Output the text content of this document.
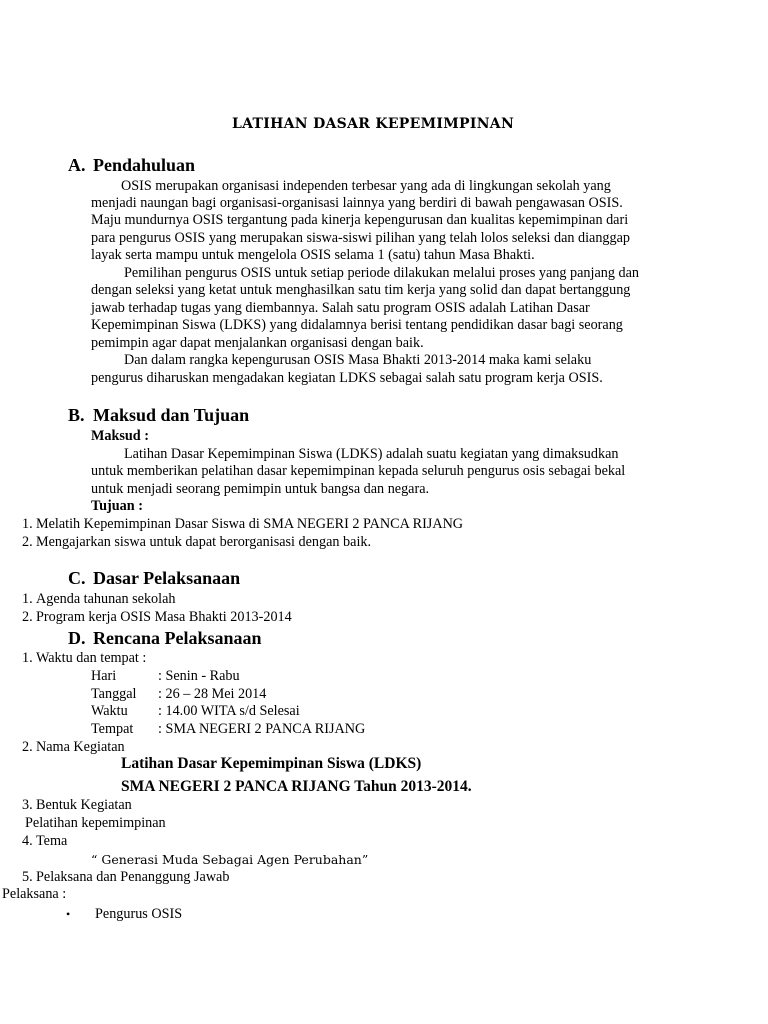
LATIHAN DASAR KEPEMIMPINAN
A. Pendahuluan
OSIS merupakan organisasi independen terbesar yang ada di lingkungan sekolah yang
menjadi naungan bagi organisasi-organisasi lainnya yang berdiri di bawah pengawasan OSIS.
Maju mundurnya OSIS tergantung pada kinerja kepengurusan dan kualitas kepemimpinan dari
para pengurus OSIS yang merupakan siswa-siswi pilihan yang telah lolos seleksi dan dianggap
layak serta mampu untuk mengelola OSIS selama 1 (satu) tahun Masa Bhakti.
Pemilihan pengurus OSIS untuk setiap periode dilakukan melalui proses yang panjang dan
dengan seleksi yang ketat untuk menghasilkan satu tim kerja yang solid dan dapat bertanggung
jawab terhadap tugas yang diembannya. Salah satu program OSIS adalah Latihan Dasar
Kepemimpinan Siswa (LDKS) yang didalamnya berisi tentang pendidikan dasar bagi seorang
pemimpin agar dapat menjalankan organisasi dengan baik.
Dan dalam rangka kepengurusan OSIS Masa Bhakti 2013-2014 maka kami selaku
pengurus diharuskan mengadakan kegiatan LDKS sebagai salah satu program kerja OSIS.
B. Maksud dan Tujuan
Maksud :
Latihan Dasar Kepemimpinan Siswa (LDKS) adalah suatu kegiatan yang dimaksudkan
untuk memberikan pelatihan dasar kepemimpinan kepada seluruh pengurus osis sebagai bekal
untuk menjadi seorang pemimpin untuk bangsa dan negara.
Tujuan :
1. Melatih Kepemimpinan Dasar Siswa di SMA NEGERI 2 PANCA RIJANG
2. Mengajarkan siswa untuk dapat berorganisasi dengan baik.
C. Dasar Pelaksanaan
1. Agenda tahunan sekolah
2. Program kerja OSIS Masa Bhakti 2013-2014
D. Rencana Pelaksanaan
1. Waktu dan tempat :
Hari	: Senin - Rabu
Tanggal : 26 – 28 Mei 2014
Waktu : 14.00 WITA s/d Selesai
Tempat : SMA NEGERI 2 PANCA RIJANG
2. Nama Kegiatan
Latihan Dasar Kepemimpinan Siswa (LDKS)
SMA NEGERI 2 PANCA RIJANG Tahun 2013-2014.
3. Bentuk Kegiatan
Pelatihan kepemimpinan
4. Tema
“ Generasi Muda Sebagai Agen Perubahan”
5. Pelaksana dan Penanggung Jawab
Pelaksana :
• Pengurus OSIS
